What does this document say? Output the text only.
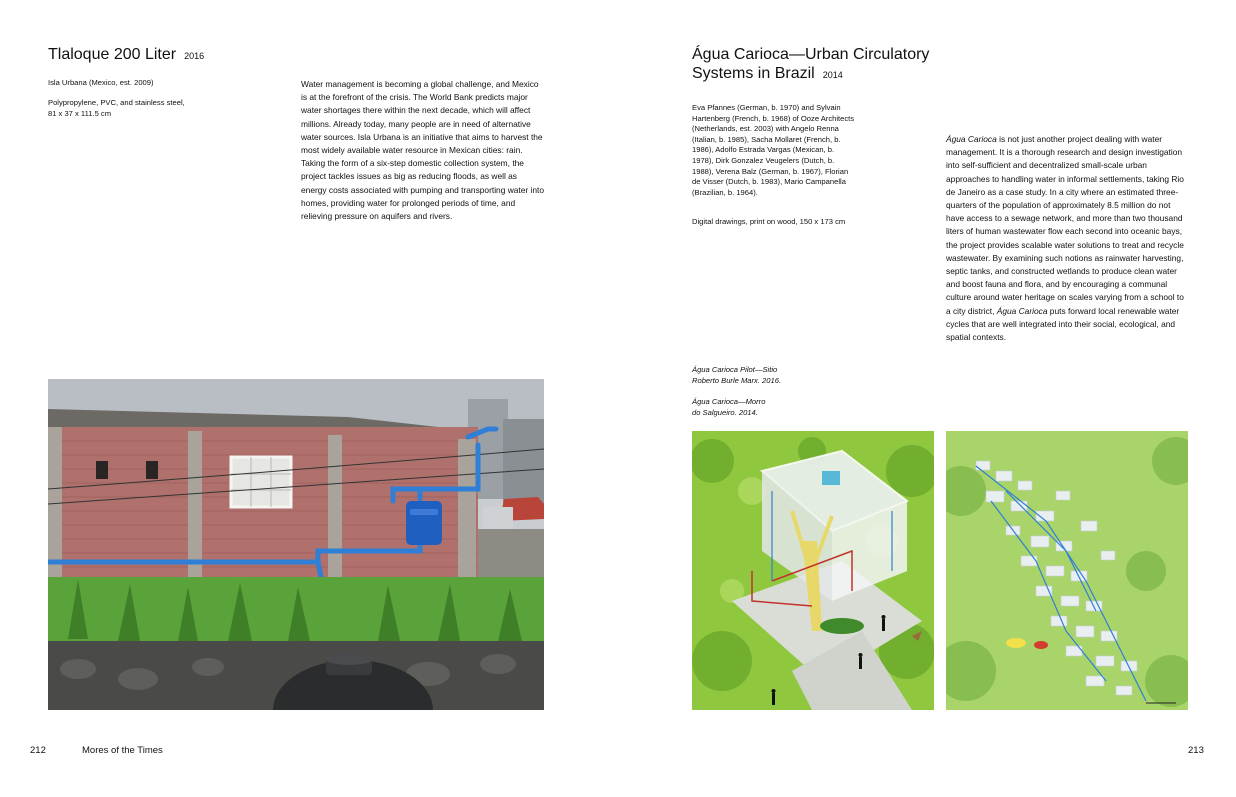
Tlaloque 200 Liter 2016
Isla Urbana (Mexico, est. 2009)
Polypropylene, PVC, and stainless steel,
81 x 37 x 111.5 cm
Water management is becoming a global challenge, and Mexico is at the forefront of the crisis. The World Bank predicts major water shortages there within the next decade, which will affect millions. Already today, many people are in need of alternative water sources. Isla Urbana is an initiative that aims to harvest the most widely available water resource in Mexican cities: rain. Taking the form of a six-step domestic collection system, the project tackles issues as big as reducing floods, as well as energy costs associated with pumping and transporting water into homes, providing water for prolonged periods of time, and relieving pressure on aquifers and rivers.
Água Carioca—Urban Circulatory
Systems in Brazil 2014
Eva Pfannes (German, b. 1970) and Sylvain Hartenberg (French, b. 1968) of Ooze Architects (Netherlands, est. 2003) with Angelo Renna (Italian, b. 1985), Sacha Mollaret (French, b. 1986), Adolfo Estrada Vargas (Mexican, b. 1978), Dirk Gonzalez Veugelers (Dutch, b. 1988), Verena Balz (German, b. 1967), Florian de Visser (Dutch, b. 1983), Mario Campanella (Brazilian, b. 1964).
Digital drawings, print on wood, 150 x 173 cm
Água Carioca is not just another project dealing with water management. It is a thorough research and design investigation into self-sufficient and decentralized small-scale urban approaches to handling water in informal settlements, taking Rio de Janeiro as a case study. In a city where an estimated three-quarters of the population of approximately 8.5 million do not have access to a sewage network, and more than two thousand liters of human wastewater flow each second into oceanic bays, the project provides scalable water solutions to treat and recycle wastewater. By examining such notions as rainwater harvesting, septic tanks, and constructed wetlands to produce clean water and boost fauna and flora, and by encouraging a communal culture around water heritage on scales varying from a school to a city district, Água Carioca puts forward local renewable water cycles that are well integrated into their social, ecological, and spatial contexts.
Água Carioca Pilot—Sitio
Roberto Burle Marx. 2016.
Água Carioca—Morro
do Salgueiro. 2014.
212	Mores of the Times	213
